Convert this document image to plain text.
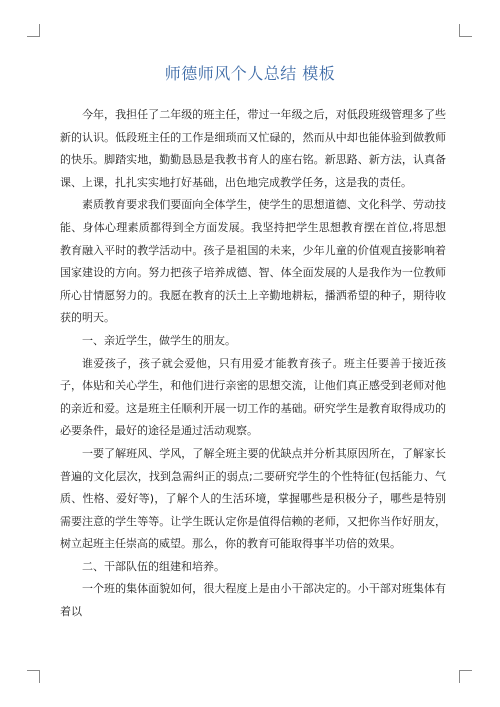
师德师风个人总结 模板

今年，我担任了二年级的班主任，带过一年级之后，对低段班级管理多了些新的认识。低段班主任的工作是细琐而又忙碌的，然而从中却也能体验到做教师的快乐。脚踏实地，勤勤恳恳是我教书育人的座右铭。新思路、新方法，认真备课、上课，扎扎实实地打好基础，出色地完成教学任务，这是我的责任。

素质教育要求我们要面向全体学生，使学生的思想道德、文化科学、劳动技能、身体心理素质都得到全方面发展。我坚持把学生思想教育摆在首位,将思想教育融入平时的教学活动中。孩子是祖国的未来，少年儿童的价值观直接影响着国家建设的方向。努力把孩子培养成德、智、体全面发展的人是我作为一位教师所心甘情愿努力的。我愿在教育的沃土上辛勤地耕耘，播洒希望的种子，期待收获的明天。

一、亲近学生，做学生的朋友。

谁爱孩子，孩子就会爱他，只有用爱才能教育孩子。班主任要善于接近孩子，体贴和关心学生，和他们进行亲密的思想交流，让他们真正感受到老师对他的亲近和爱。这是班主任顺利开展一切工作的基础。研究学生是教育取得成功的必要条件，最好的途径是通过活动观察。

一要了解班风、学风，了解全班主要的优缺点并分析其原因所在，了解家长普遍的文化层次，找到急需纠正的弱点;二要研究学生的个性特征(包括能力、气质、性格、爱好等)，了解个人的生活环境，掌握哪些是积极分子，哪些是特别需要注意的学生等等。让学生既认定你是值得信赖的老师，又把你当作好朋友，树立起班主任崇高的威望。那么，你的教育可能取得事半功倍的效果。

二、干部队伍的组建和培养。

一个班的集体面貌如何，很大程度上是由小干部决定的。小干部对班集体有着以
